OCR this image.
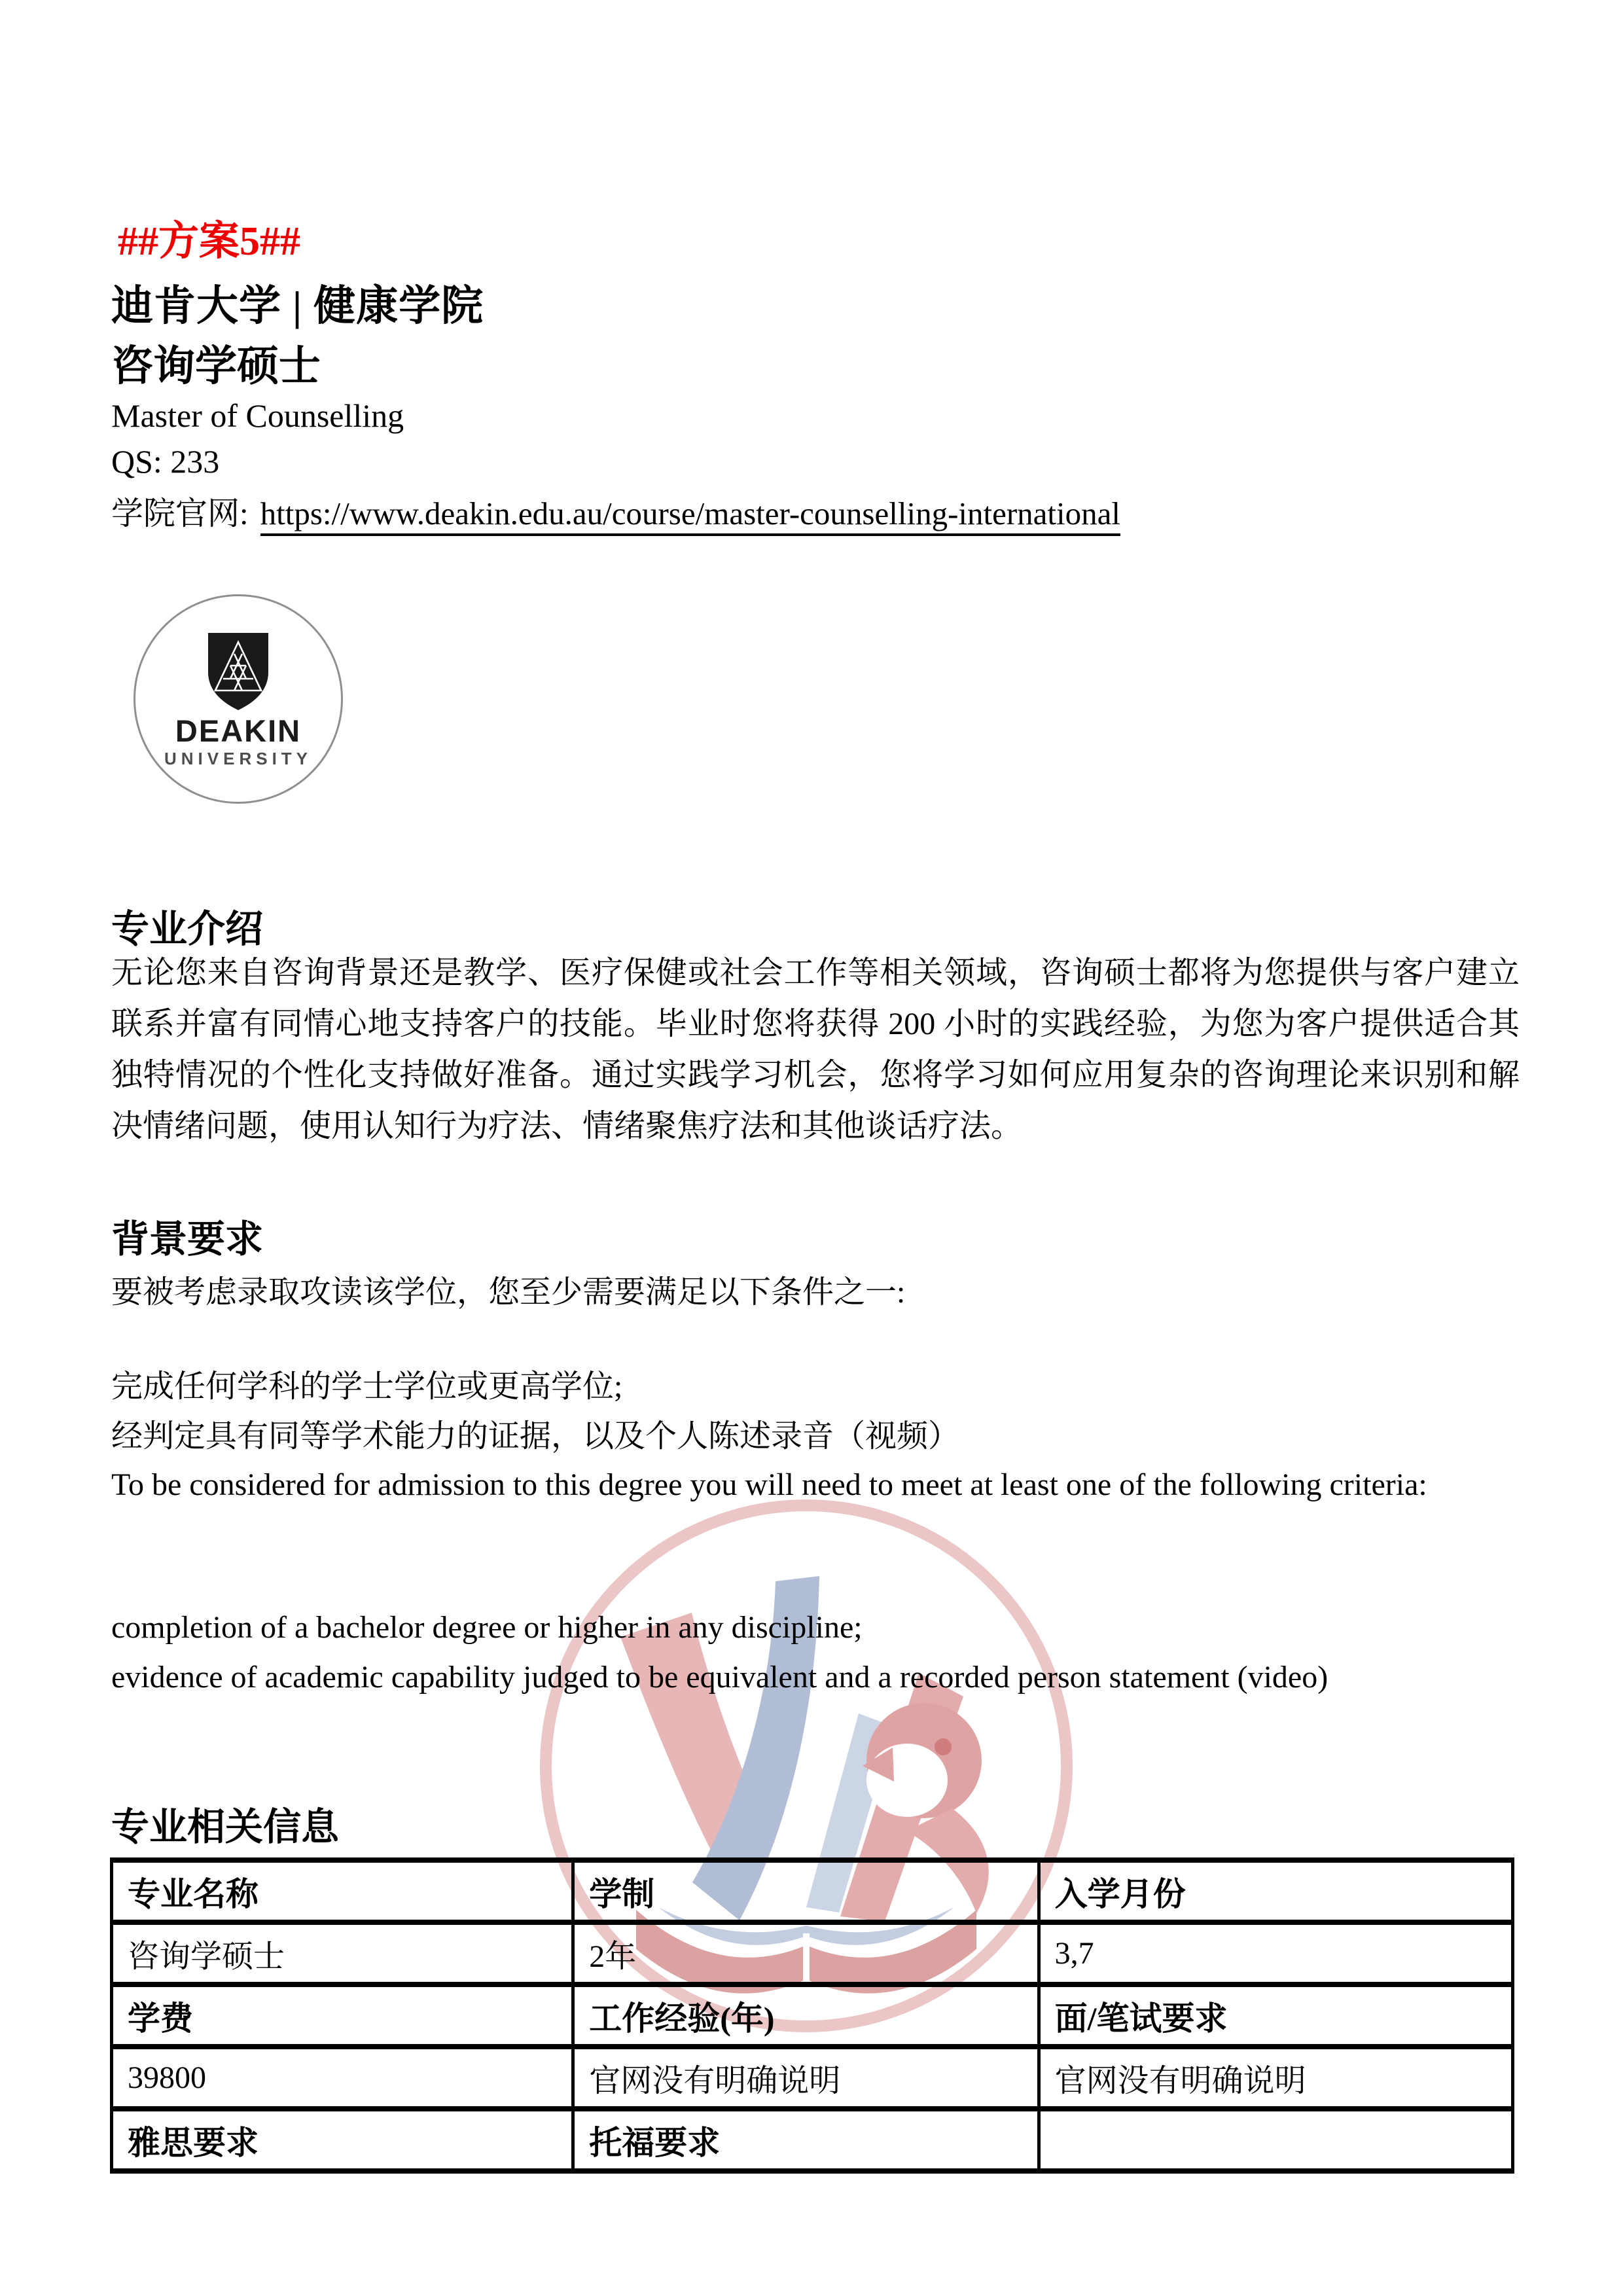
##方案5##
迪肯大学 | 健康学院
咨询学硕士
Master of Counselling
QS: 233
学院官网: https://www.deakin.edu.au/course/master-counselling-international
DEAKIN
UNIVERSITY
专业介绍
无论您来自咨询背景还是教学、医疗保健或社会工作等相关领域，咨询硕士都将为您提供与客户建立联系并富有同情心地支持客户的技能。毕业时您将获得 200 小时的实践经验，为您为客户提供适合其独特情况的个性化支持做好准备。通过实践学习机会，您将学习如何应用复杂的咨询理论来识别和解决情绪问题，使用认知行为疗法、情绪聚焦疗法和其他谈话疗法。
背景要求
要被考虑录取攻读该学位，您至少需要满足以下条件之一:
完成任何学科的学士学位或更高学位;
经判定具有同等学术能力的证据，以及个人陈述录音（视频）
To be considered for admission to this degree you will need to meet at least one of the following criteria:
completion of a bachelor degree or higher in any discipline;
evidence of academic capability judged to be equivalent and a recorded person statement (video)
专业相关信息
专业名称	学制	入学月份
咨询学硕士	2年	3,7
学费	工作经验(年)	面/笔试要求
39800	官网没有明确说明	官网没有明确说明
雅思要求	托福要求	
